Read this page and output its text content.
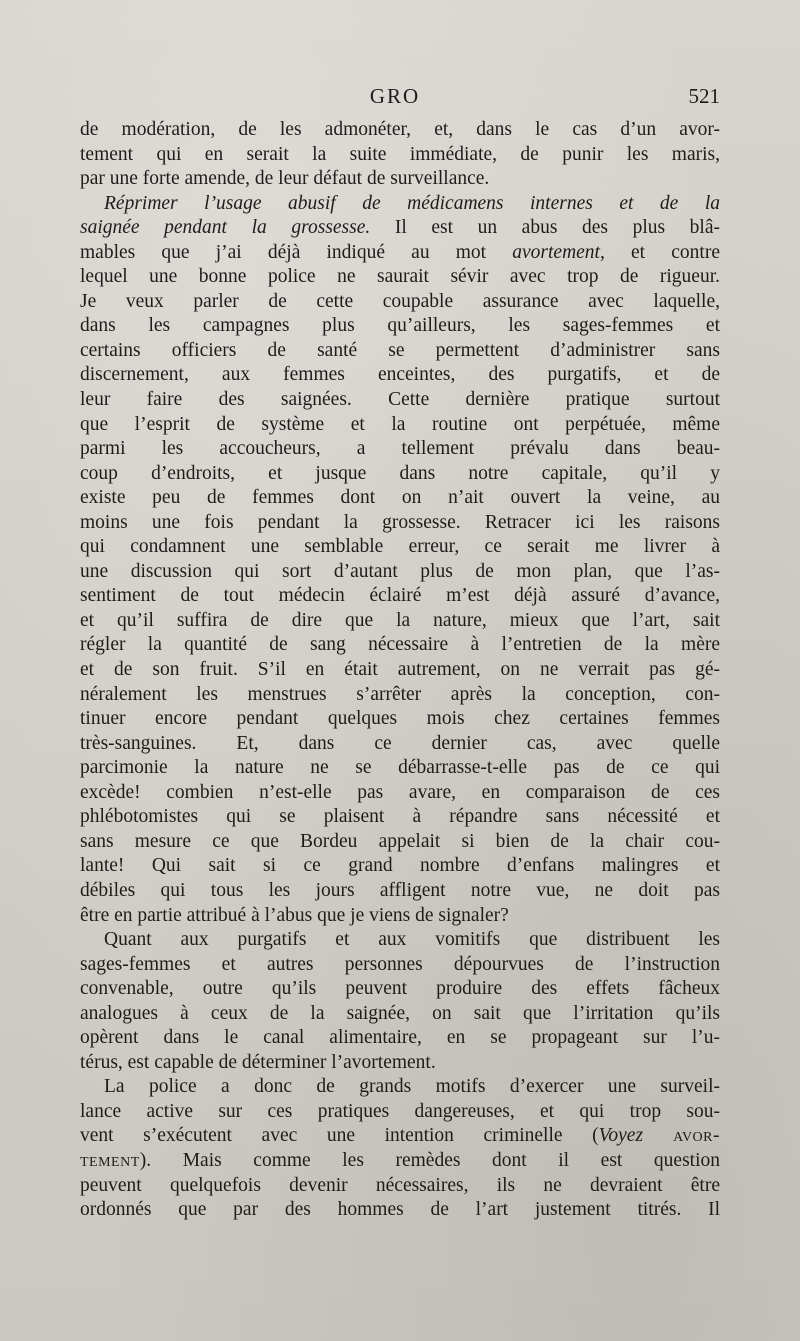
GRO	521

de modération, de les admonéter, et, dans le cas d’un avor-
tement qui en serait la suite immédiate, de punir les maris,
par une forte amende, de leur défaut de surveillance.

Réprimer l’usage abusif de médicamens internes et de la
saignée pendant la grossesse. Il est un abus des plus blâ-
mables que j’ai déjà indiqué au mot avortement, et contre
lequel une bonne police ne saurait sévir avec trop de rigueur.
Je veux parler de cette coupable assurance avec laquelle,
dans les campagnes plus qu’ailleurs, les sages-femmes et
certains officiers de santé se permettent d’administrer sans
discernement, aux femmes enceintes, des purgatifs, et de
leur faire des saignées. Cette dernière pratique surtout
que l’esprit de système et la routine ont perpétuée, même
parmi les accoucheurs, a tellement prévalu dans beau-
coup d’endroits, et jusque dans notre capitale, qu’il y
existe peu de femmes dont on n’ait ouvert la veine, au
moins une fois pendant la grossesse. Retracer ici les raisons
qui condamnent une semblable erreur, ce serait me livrer à
une discussion qui sort d’autant plus de mon plan, que l’as-
sentiment de tout médecin éclairé m’est déjà assuré d’avance,
et qu’il suffira de dire que la nature, mieux que l’art, sait
régler la quantité de sang nécessaire à l’entretien de la mère
et de son fruit. S’il en était autrement, on ne verrait pas gé-
néralement les menstrues s’arrêter après la conception, con-
tinuer encore pendant quelques mois chez certaines femmes
très-sanguines. Et, dans ce dernier cas, avec quelle
parcimonie la nature ne se débarrasse-t-elle pas de ce qui
excède! combien n’est-elle pas avare, en comparaison de ces
phlébotomistes qui se plaisent à répandre sans nécessité et
sans mesure ce que Bordeu appelait si bien de la chair cou-
lante! Qui sait si ce grand nombre d’enfans malingres et
débiles qui tous les jours affligent notre vue, ne doit pas
être en partie attribué à l’abus que je viens de signaler?

Quant aux purgatifs et aux vomitifs que distribuent les
sages-femmes et autres personnes dépourvues de l’instruction
convenable, outre qu’ils peuvent produire des effets fâcheux
analogues à ceux de la saignée, on sait que l’irritation qu’ils
opèrent dans le canal alimentaire, en se propageant sur l’u-
térus, est capable de déterminer l’avortement.

La police a donc de grands motifs d’exercer une surveil-
lance active sur ces pratiques dangereuses, et qui trop sou-
vent s’exécutent avec une intention criminelle (Voyez avor-
tement). Mais comme les remèdes dont il est question
peuvent quelquefois devenir nécessaires, ils ne devraient être
ordonnés que par des hommes de l’art justement titrés. Il
